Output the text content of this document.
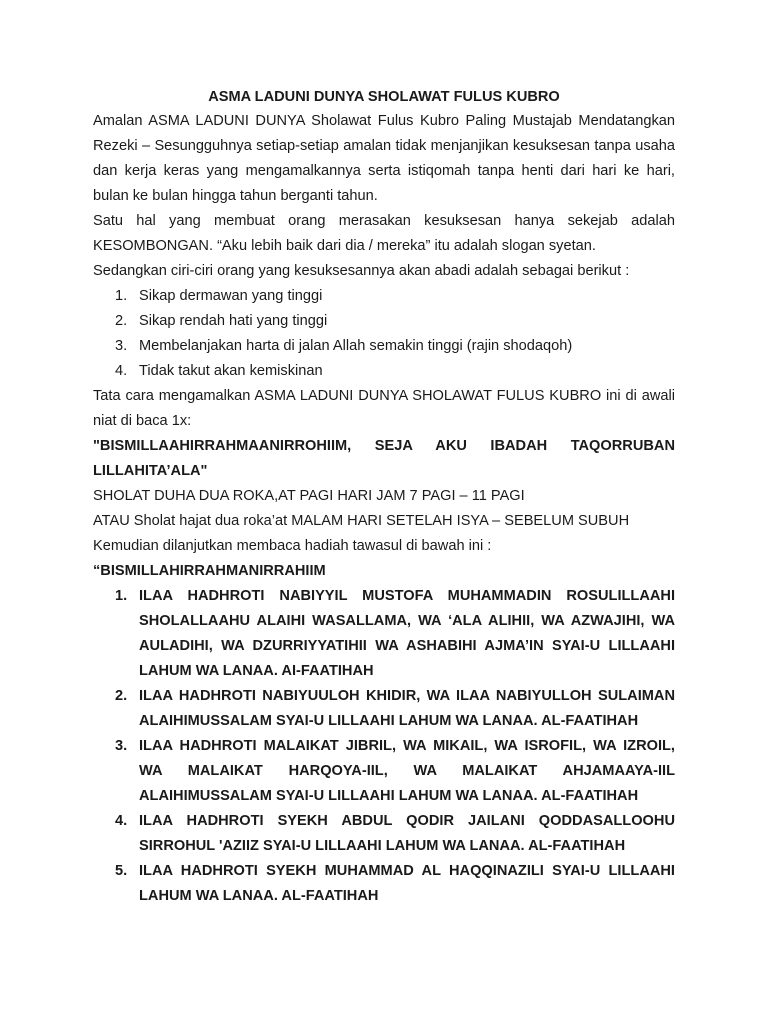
ASMA LADUNI DUNYA SHOLAWAT FULUS KUBRO

Amalan ASMA LADUNI DUNYA Sholawat Fulus Kubro Paling Mustajab Mendatangkan Rezeki – Sesungguhnya setiap-setiap amalan tidak menjanjikan kesuksesan tanpa usaha dan kerja keras yang mengamalkannya serta istiqomah tanpa henti dari hari ke hari, bulan ke bulan hingga tahun berganti tahun.

Satu hal yang membuat orang merasakan kesuksesan hanya sekejab adalah KESOMBONGAN. “Aku lebih baik dari dia / mereka” itu adalah slogan syetan.

Sedangkan ciri-ciri orang yang kesuksesannya akan abadi adalah sebagai berikut :

1. Sikap dermawan yang tinggi
2. Sikap rendah hati yang tinggi
3. Membelanjakan harta di jalan Allah semakin tinggi (rajin shodaqoh)
4. Tidak takut akan kemiskinan

Tata cara mengamalkan ASMA LADUNI DUNYA SHOLAWAT FULUS KUBRO ini di awali niat di baca 1x:

"BISMILLAAHIRRAHMAANIRROHIIM, SEJA AKU IBADAH TAQORRUBAN LILLAHITA’ALA"

SHOLAT DUHA DUA ROKA,AT PAGI HARI JAM 7 PAGI – 11 PAGI

ATAU Sholat hajat dua roka’at MALAM HARI SETELAH ISYA – SEBELUM SUBUH

Kemudian dilanjutkan membaca hadiah tawasul di bawah ini :

“BISMILLAHIRRAHMANIRRAHIIM

1. ILAA HADHROTI NABIYYIL MUSTOFA MUHAMMADIN ROSULILLAAHI SHOLALLAAHU ALAIHI WASALLAMA, WA ‘ALA ALIHII, WA AZWAJIHI, WA AULADIHI, WA DZURRIYYATIHII WA ASHABIHI AJMA’IN SYAI-U LILLAAHI LAHUM WA LANAA. AI-FAATIHAH
2. ILAA HADHROTI NABIYUULOH KHIDIR, WA ILAA NABIYULLOH SULAIMAN ALAIHIMUSSALAM SYAI-U LILLAAHI LAHUM WA LANAA. AL-FAATIHAH
3. ILAA HADHROTI MALAIKAT JIBRIL, WA MIKAIL, WA ISROFIL, WA IZROIL, WA MALAIKAT HARQOYA-IIL, WA MALAIKAT AHJAMAAYA-IIL ALAIHIMUSSALAM SYAI-U LILLAAHI LAHUM WA LANAA. AL-FAATIHAH
4. ILAA HADHROTI SYEKH ABDUL QODIR JAILANI QODDASALLOOHU SIRROHUL 'AZIIZ SYAI-U LILLAAHI LAHUM WA LANAA. AL-FAATIHAH
5. ILAA HADHROTI SYEKH MUHAMMAD AL HAQQINAZILI SYAI-U LILLAAHI LAHUM WA LANAA. AL-FAATIHAH
